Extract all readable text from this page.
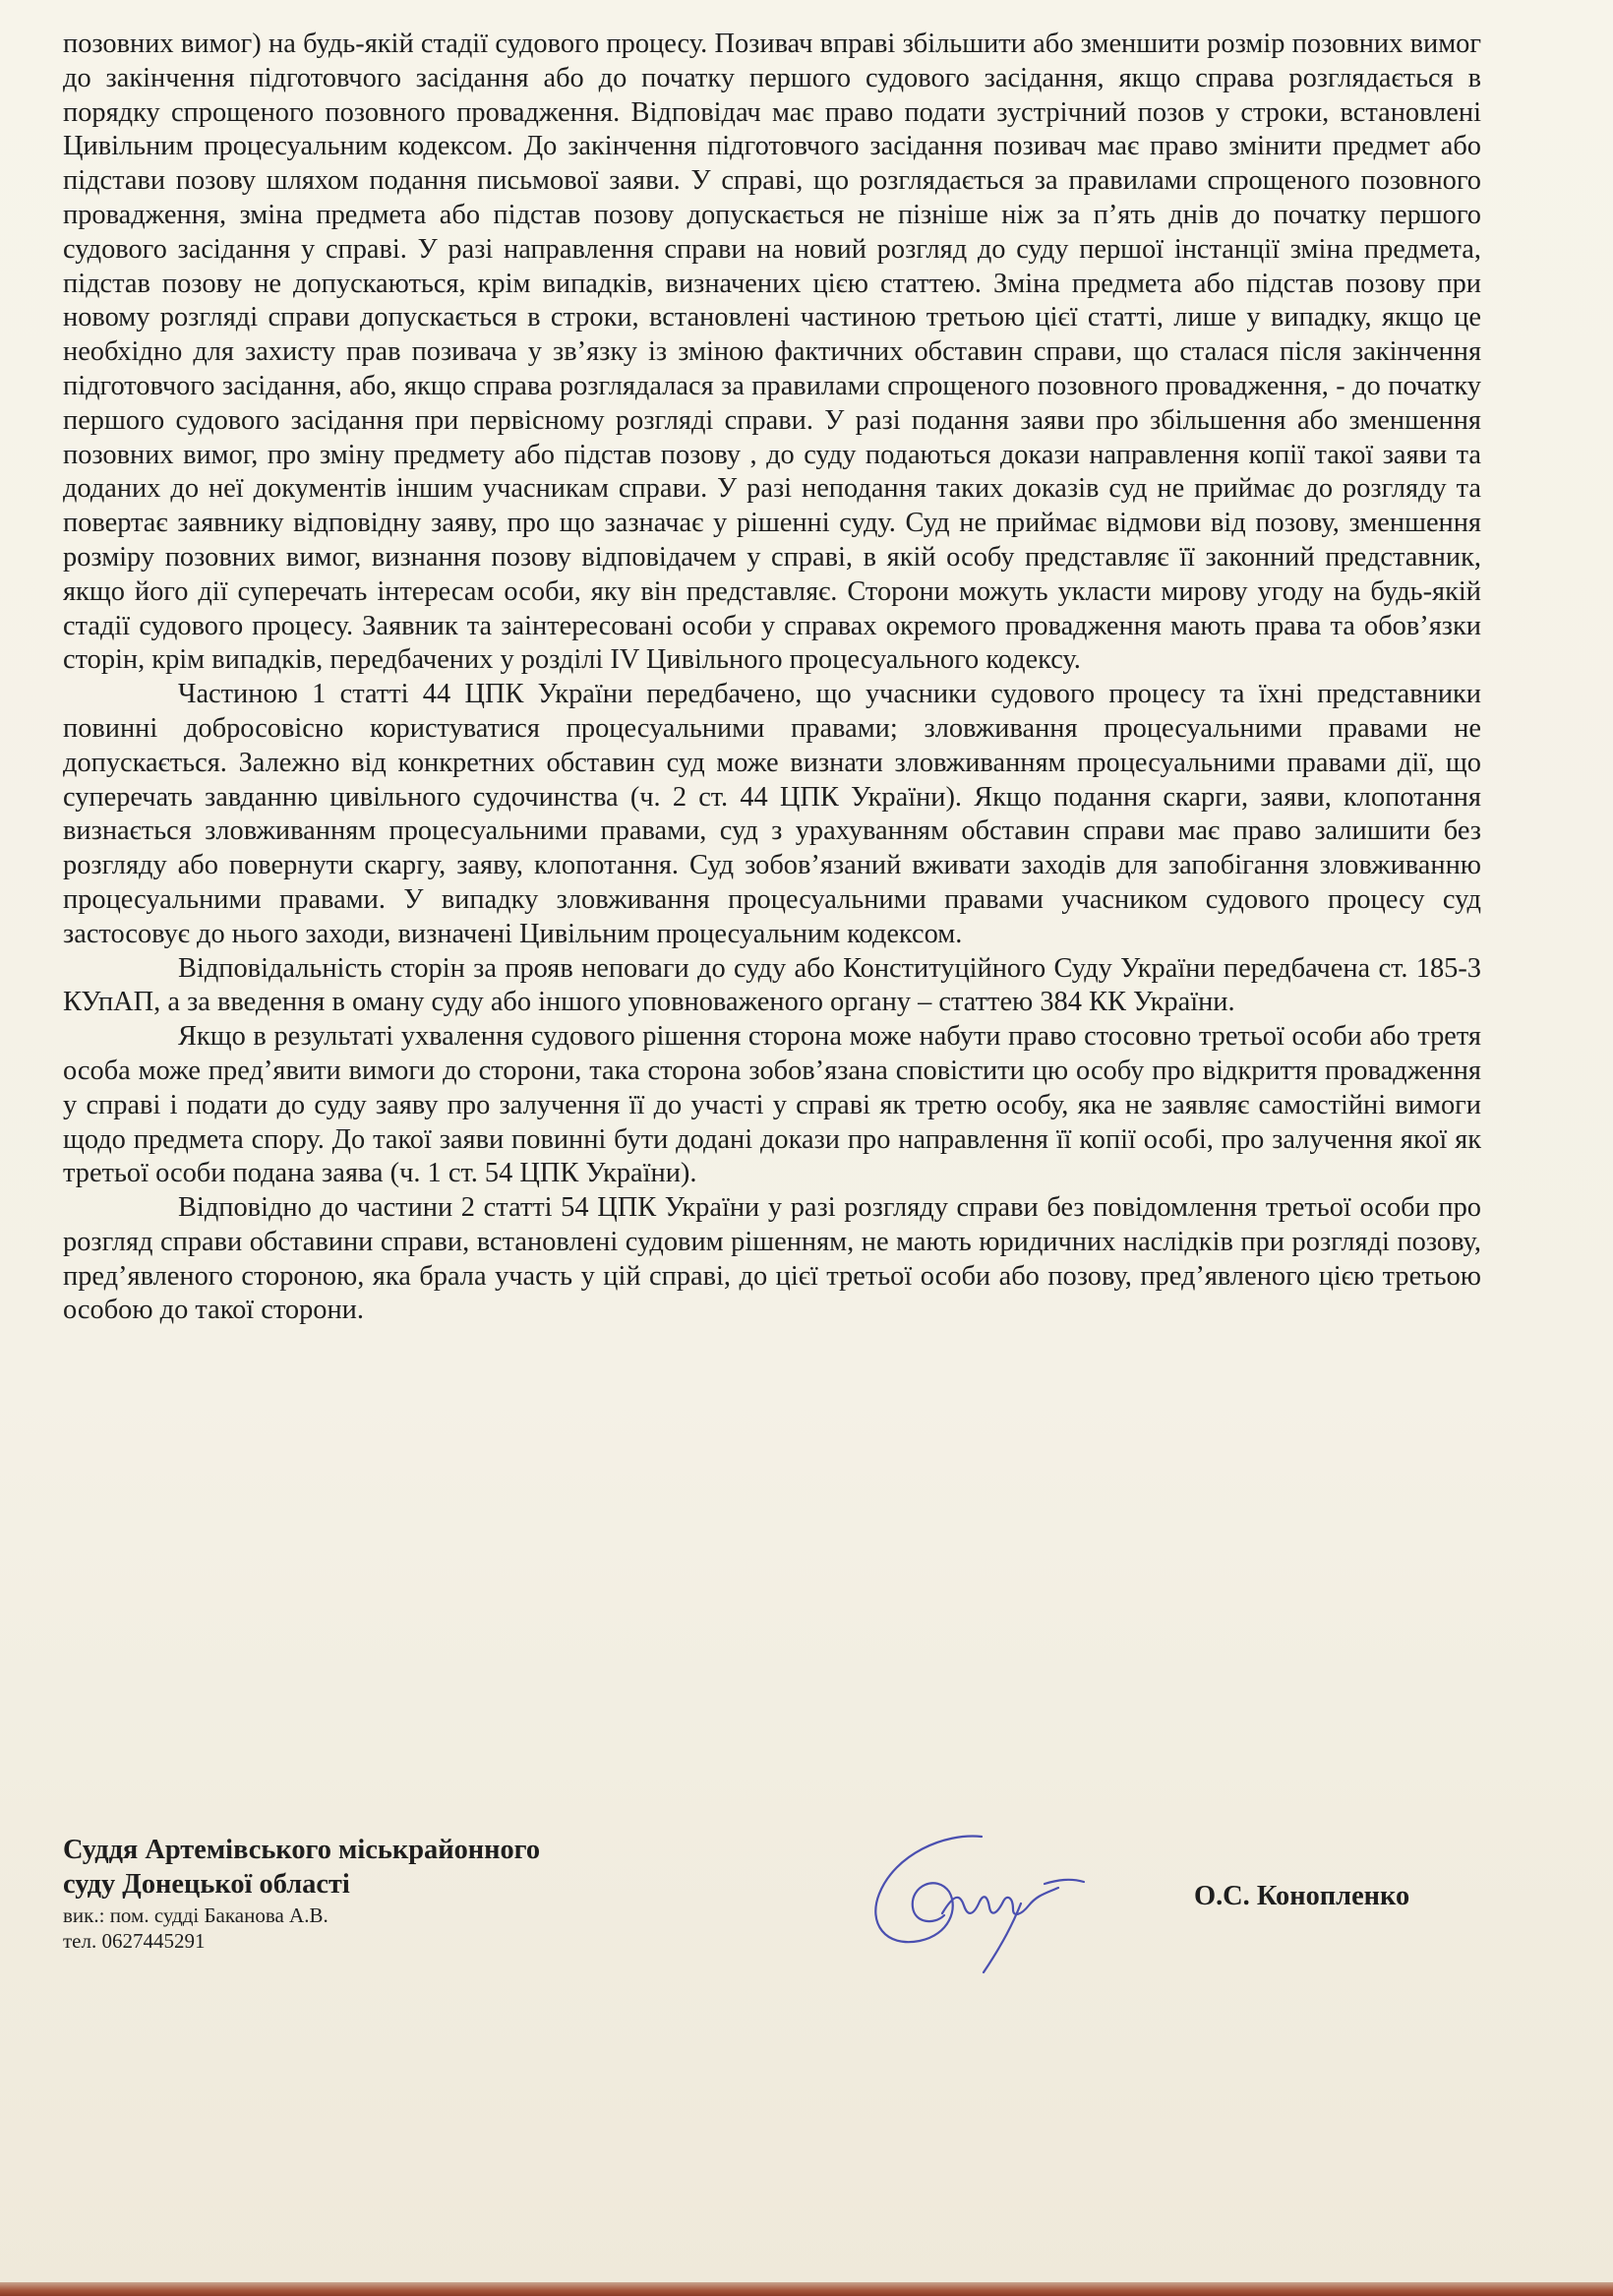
позовних вимог) на будь-якій стадії судового процесу. Позивач вправі збільшити або зменшити розмір позовних вимог до закінчення підготовчого засідання або до початку першого судового засідання, якщо справа розглядається в порядку спрощеного позовного провадження. Відповідач має право подати зустрічний позов у строки, встановлені Цивільним процесуальним кодексом. До закінчення підготовчого засідання позивач має право змінити предмет або підстави позову шляхом подання письмової заяви. У справі, що розглядається за правилами спрощеного позовного провадження, зміна предмета або підстав позову допускається не пізніше ніж за п’ять днів до початку першого судового засідання у справі. У разі направлення справи на новий розгляд до суду першої інстанції зміна предмета, підстав позову не допускаються, крім випадків, визначених цією статтею. Зміна предмета або підстав позову при новому розгляді справи допускається в строки, встановлені частиною третьою цієї статті, лише у випадку, якщо це необхідно для захисту прав позивача у зв’язку із зміною фактичних обставин справи, що сталася після закінчення підготовчого засідання, або, якщо справа розглядалася за правилами спрощеного позовного провадження, - до початку першого судового засідання при первісному розгляді справи. У разі подання заяви про збільшення або зменшення позовних вимог, про зміну предмету або підстав позову , до суду подаються докази направлення копії такої заяви та доданих до неї документів іншим учасникам справи. У разі неподання таких доказів суд не приймає до розгляду та повертає заявнику відповідну заяву, про що зазначає у рішенні суду. Суд не приймає відмови від позову, зменшення розміру позовних вимог, визнання позову відповідачем у справі, в якій особу представляє її законний представник, якщо його дії суперечать інтересам особи, яку він представляє. Сторони можуть укласти мирову угоду на будь-якій стадії судового процесу. Заявник та заінтересовані особи у справах окремого провадження мають права та обов’язки сторін, крім випадків, передбачених у розділі IV Цивільного процесуального кодексу.

Частиною 1 статті 44 ЦПК України передбачено, що учасники судового процесу та їхні представники повинні добросовісно користуватися процесуальними правами; зловживання процесуальними правами не допускається. Залежно від конкретних обставин суд може визнати зловживанням процесуальними правами дії, що суперечать завданню цивільного судочинства (ч. 2 ст. 44 ЦПК України). Якщо подання скарги, заяви, клопотання визнається зловживанням процесуальними правами, суд з урахуванням обставин справи має право залишити без розгляду або повернути скаргу, заяву, клопотання. Суд зобов’язаний вживати заходів для запобігання зловживанню процесуальними правами. У випадку зловживання процесуальними правами учасником судового процесу суд застосовує до нього заходи, визначені Цивільним процесуальним кодексом.

Відповідальність сторін за прояв неповаги до суду або Конституційного Суду України передбачена ст. 185-3 КУпАП, а за введення в оману суду або іншого уповноваженого органу – статтею 384 КК України.

Якщо в результаті ухвалення судового рішення сторона може набути право стосовно третьої особи або третя особа може пред’явити вимоги до сторони, така сторона зобов’язана сповістити цю особу про відкриття провадження у справі і подати до суду заяву про залучення її до участі у справі як третю особу, яка не заявляє самостійні вимоги щодо предмета спору. До такої заяви повинні бути додані докази про направлення її копії особі, про залучення якої як третьої особи подана заява (ч. 1 ст. 54 ЦПК України).

Відповідно до частини 2 статті 54 ЦПК України у разі розгляду справи без повідомлення третьої особи про розгляд справи обставини справи, встановлені судовим рішенням, не мають юридичних наслідків при розгляді позову, пред’явленого стороною, яка брала участь у цій справі, до цієї третьої особи або позову, пред’явленого цією третьою особою до такої сторони.

Суддя Артемівського міськрайонного

суду Донецької області

вик.: пом. судді Баканова А.В.

тел. 0627445291

О.С. Конопленко
